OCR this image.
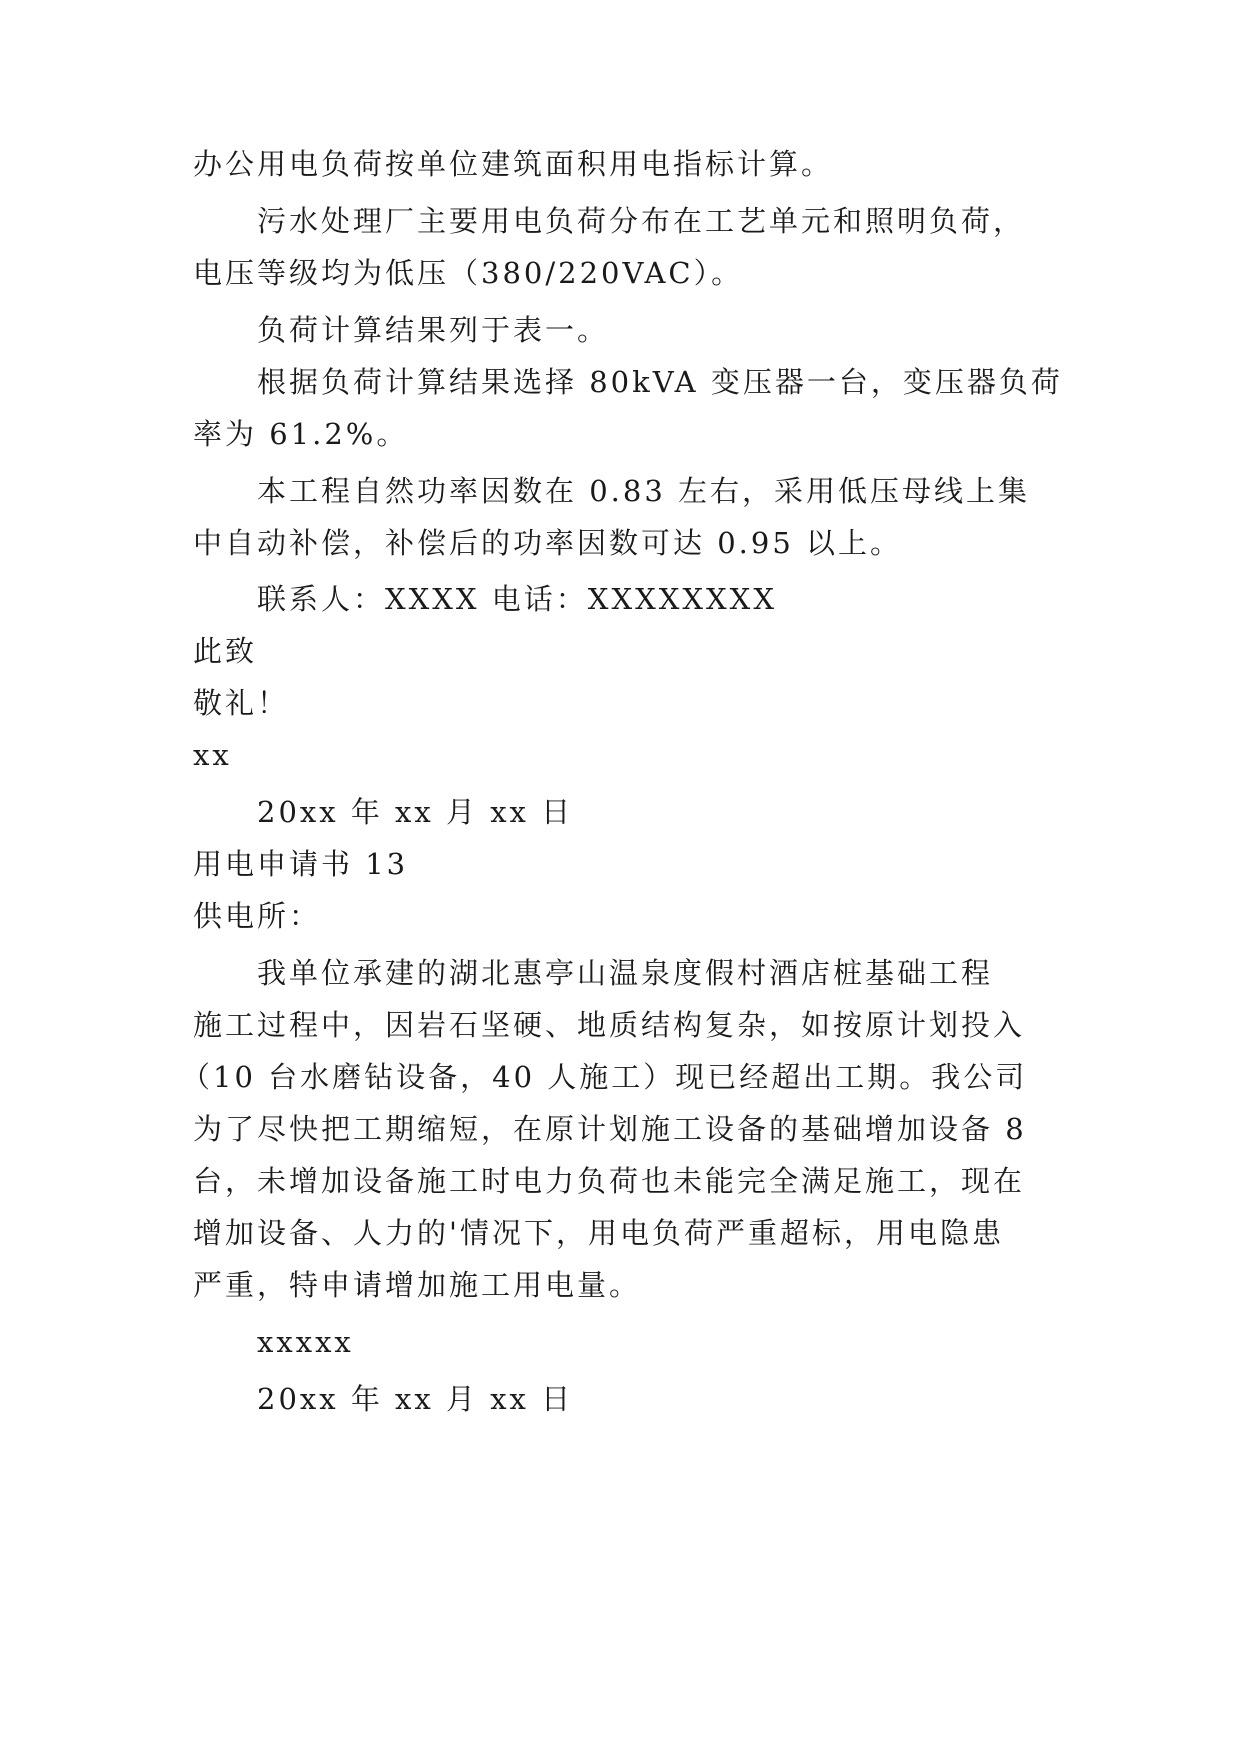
办公用电负荷按单位建筑面积用电指标计算。
污水处理厂主要用电负荷分布在工艺单元和照明负荷，
电压等级均为低压（380/220VAC）。
负荷计算结果列于表一。
根据负荷计算结果选择 80kVA 变压器一台，变压器负荷
率为 61.2%。
本工程自然功率因数在 0.83 左右，采用低压母线上集
中自动补偿，补偿后的功率因数可达 0.95 以上。
联系人：XXXX 电话：XXXXXXXX
此致
敬礼！
xx
20xx 年 xx 月 xx 日
用电申请书 13
供电所：
我单位承建的湖北惠亭山温泉度假村酒店桩基础工程
施工过程中，因岩石坚硬、地质结构复杂，如按原计划投入
（10 台水磨钻设备，40 人施工）现已经超出工期。我公司
为了尽快把工期缩短，在原计划施工设备的基础增加设备 8
台，未增加设备施工时电力负荷也未能完全满足施工，现在
增加设备、人力的'情况下，用电负荷严重超标，用电隐患
严重，特申请增加施工用电量。
xxxxx
20xx 年 xx 月 xx 日
